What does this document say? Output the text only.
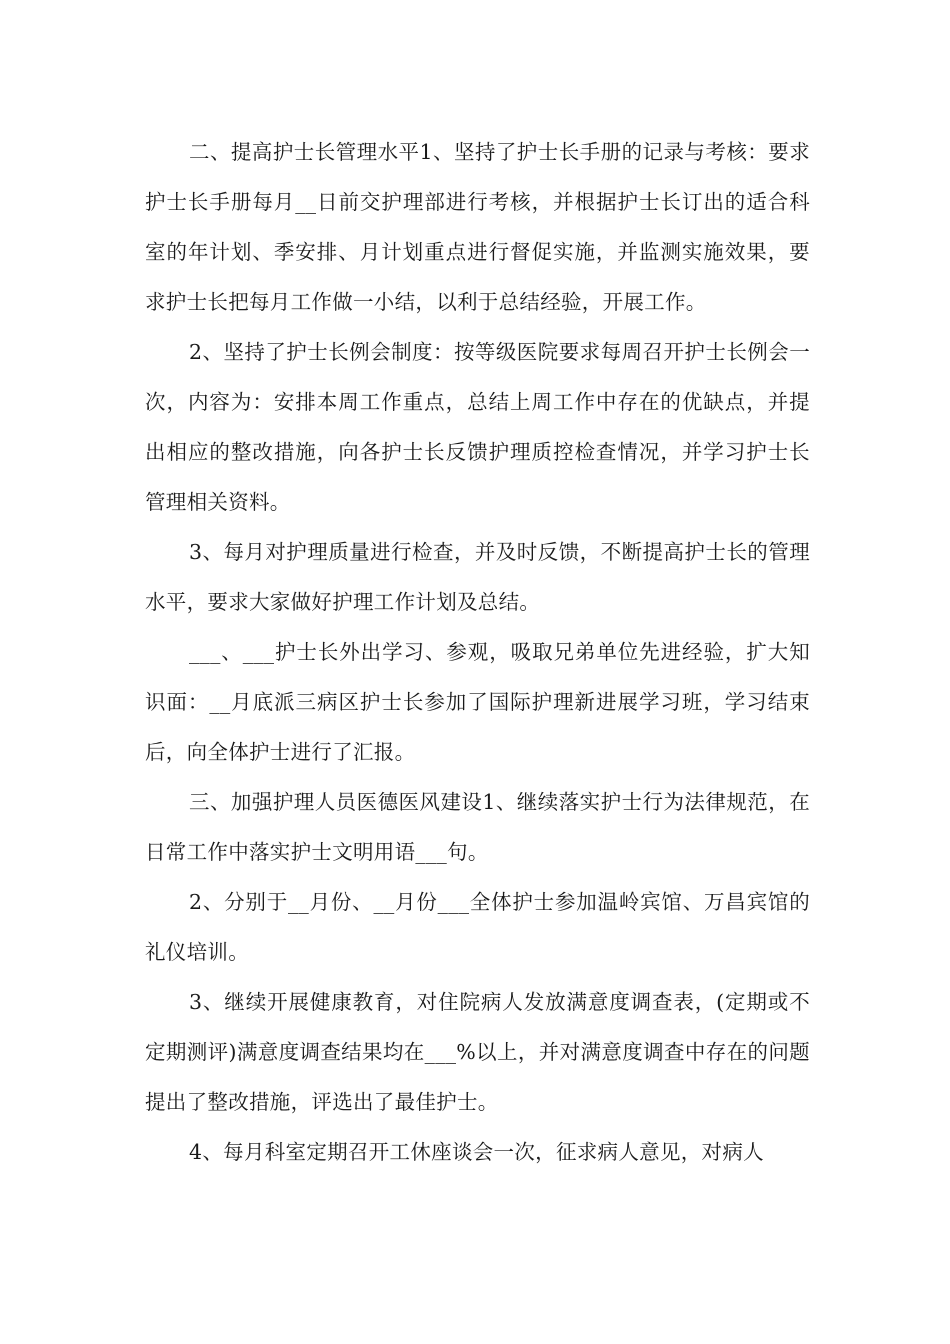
二、提高护士长管理水平1、坚持了护士长手册的记录与考核：要求护士长手册每月__日前交护理部进行考核，并根据护士长订出的适合科室的年计划、季安排、月计划重点进行督促实施，并监测实施效果，要求护士长把每月工作做一小结，以利于总结经验，开展工作。

2、坚持了护士长例会制度：按等级医院要求每周召开护士长例会一次，内容为：安排本周工作重点，总结上周工作中存在的优缺点，并提出相应的整改措施，向各护士长反馈护理质控检查情况，并学习护士长管理相关资料。

3、每月对护理质量进行检查，并及时反馈，不断提高护士长的管理水平，要求大家做好护理工作计划及总结。

___、___护士长外出学习、参观，吸取兄弟单位先进经验，扩大知识面：__月底派三病区护士长参加了国际护理新进展学习班，学习结束后，向全体护士进行了汇报。

三、加强护理人员医德医风建设1、继续落实护士行为法律规范，在日常工作中落实护士文明用语___句。

2、分别于__月份、__月份___全体护士参加温岭宾馆、万昌宾馆的礼仪培训。

3、继续开展健康教育，对住院病人发放满意度调查表，(定期或不定期测评)满意度调查结果均在___%以上，并对满意度调查中存在的问题提出了整改措施，评选出了最佳护士。

4、每月科室定期召开工休座谈会一次，征求病人意见，对病人
